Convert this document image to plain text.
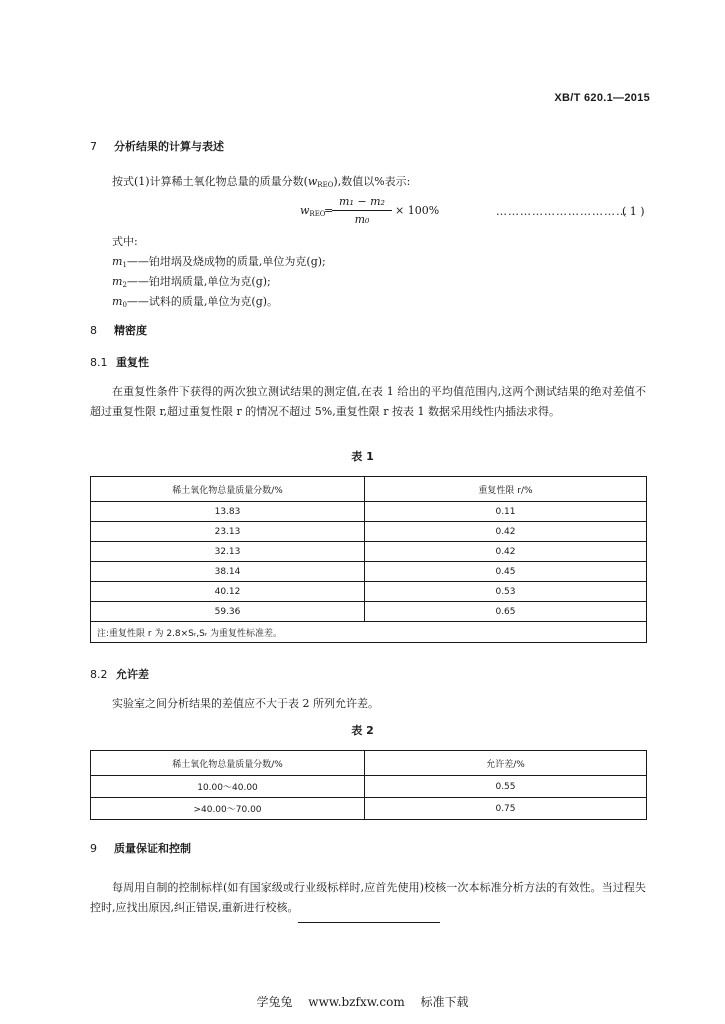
XB/T 620.1—2015
7 分析结果的计算与表述
按式(1)计算稀土氧化物总量的质量分数$(w_{REO})$,数值以%表示:
$w_{REO}$
=
$\frac{\text{m₁ − m₂}}{\text{m₀}} \times 100\%$	……………………………
( 1 )
式中:
$m_1——$铂坩埚及烧成物的质量,单位为克(g);
$m_2——$铂坩埚质量,单位为克(g);
$m_0——$试料的质量,单位为克(g)。
8 精密度
8.1 重复性
在重复性条件下获得的两次独立测试结果的测定值,在表 1 给出的平均值范围内,这两个测试结果的绝对差值不超过重复性限 r,超过重复性限 r 的情况不超过 5%,重复性限 r 按表 1 数据采用线性内插法求得。
表 1
稀土氧化物总量质量分数/%	重复性限 r/%
13.83	0.11
23.13	0.42
32.13	0.42
38.14	0.45
40.12	0.53
59.36	0.65
注:重复性限 r 为 2.8×Sᵣ,Sᵣ 为重复性标准差。	
8.2 允许差
实验室之间分析结果的差值应不大于表 2 所列允许差。
表 2
稀土氧化物总量质量分数/%	允许差/%
10.00～40.00	0.55
>40.00～70.00	0.75
9 质量保证和控制
每周用自制的控制标样(如有国家级或行业级标样时,应首先使用)校核一次本标准分析方法的有效性。当过程失控时,应找出原因,纠正错误,重新进行校核。
学兔兔 www.bzfxw.com 标准下载
